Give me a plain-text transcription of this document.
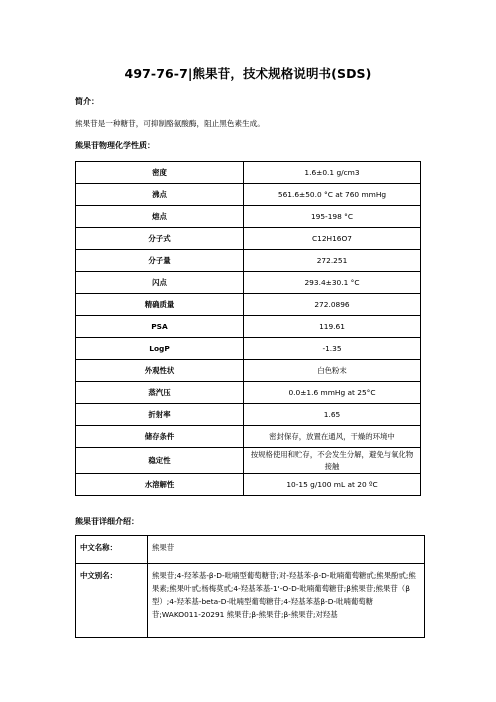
497-76-7|熊果苷，技术规格说明书(SDS)
简介：
熊果苷是一种糖苷，可抑制酪氨酸酶，阻止黑色素生成。
熊果苷物理化学性质：
密度	1.6±0.1 g/cm3
沸点	561.6±50.0 °C at 760 mmHg
熔点	195-198 °C
分子式	C12H16O7
分子量	272.251
闪点	293.4±30.1 °C
精确质量	272.0896
PSA	119.61
LogP	-1.35
外观性状	白色粉末
蒸汽压	0.0±1.6 mmHg at 25°C
折射率	1.65
储存条件	密封保存，放置在通风，干燥的环境中
稳定性	按规格使用和贮存，不会发生分解，避免与氧化物接触
水溶解性	10-15 g/100 mL at 20 ºC
熊果苷详细介绍：
中文名称：	熊果苷
中文别名：	熊果苷;4-羟苯基-β-D-吡喃型葡萄糖苷;对-羟基苯-β-D-吡喃葡萄糖甙;熊果酚甙;熊果素;熊果叶甙;杨梅莫甙;4-羟基苯基-1'-O-D-吡喃葡萄糖苷;β熊果苷;熊果苷（β型）;4-羟苯基-beta-D-吡喃型葡萄糖苷;4-羟基苯基β-D-吡喃葡萄糖苷;WAKO011-20291 熊果苷;β-熊果苷;β-熊果苷;对羟基
